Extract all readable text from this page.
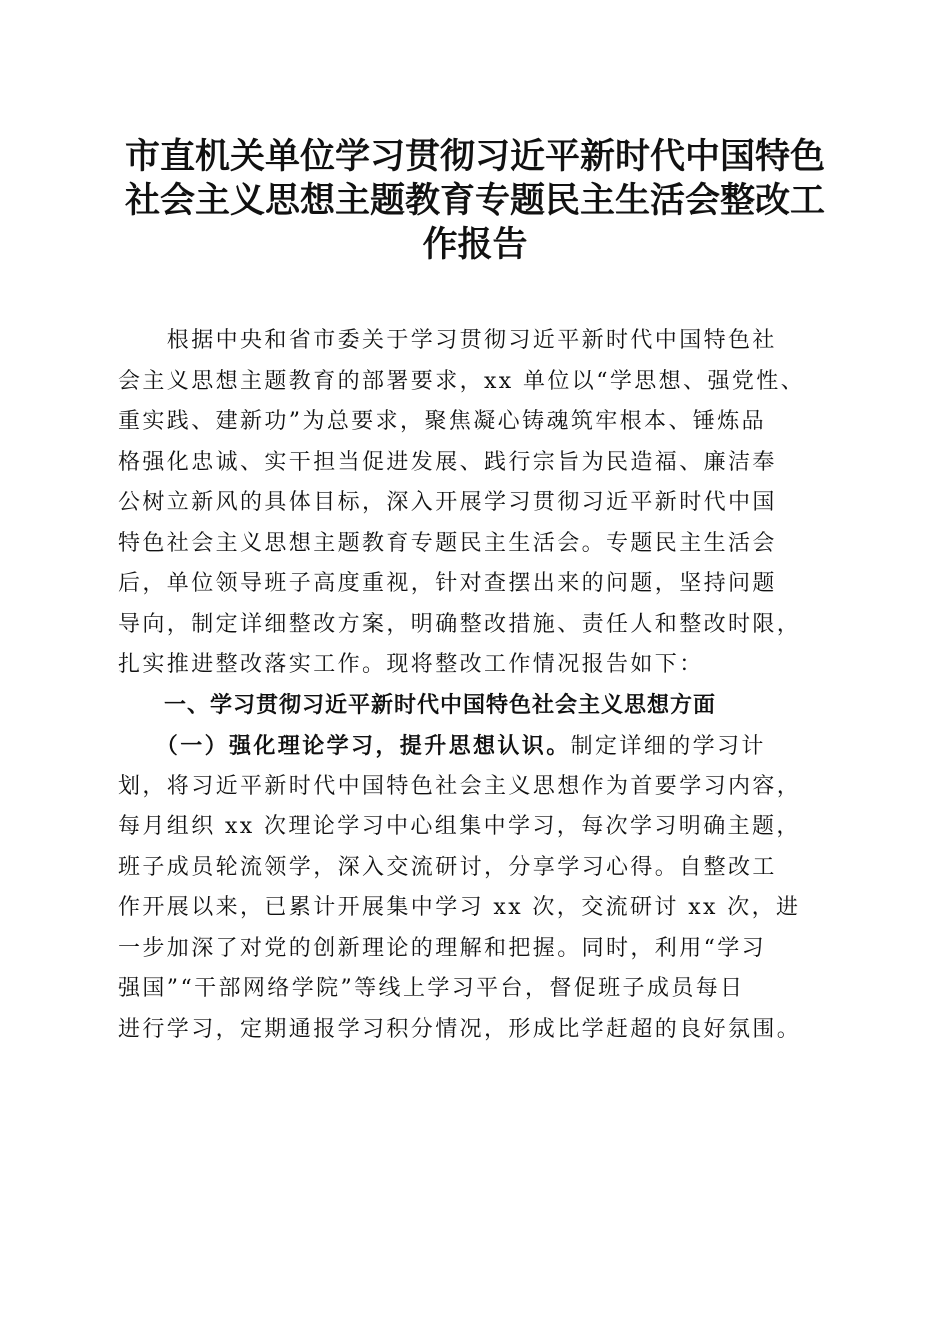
市直机关单位学习贯彻习近平新时代中国特色
社会主义思想主题教育专题民主生活会整改工
作报告
　　根据中央和省市委关于学习贯彻习近平新时代中国特色社
会主义思想主题教育的部署要求，xx 单位以“学思想、强党性、
重实践、建新功”为总要求，聚焦凝心铸魂筑牢根本、锤炼品
格强化忠诚、实干担当促进发展、践行宗旨为民造福、廉洁奉
公树立新风的具体目标，深入开展学习贯彻习近平新时代中国
特色社会主义思想主题教育专题民主生活会。专题民主生活会
后，单位领导班子高度重视，针对查摆出来的问题，坚持问题
导向，制定详细整改方案，明确整改措施、责任人和整改时限，
扎实推进整改落实工作。现将整改工作情况报告如下：
　　一、学习贯彻习近平新时代中国特色社会主义思想方面
　　（一）强化理论学习，提升思想认识。制定详细的学习计
划，将习近平新时代中国特色社会主义思想作为首要学习内容，
每月组织 xx 次理论学习中心组集中学习，每次学习明确主题，
班子成员轮流领学，深入交流研讨，分享学习心得。自整改工
作开展以来，已累计开展集中学习 xx 次，交流研讨 xx 次，进
一步加深了对党的创新理论的理解和把握。同时，利用“学习
强国”“干部网络学院”等线上学习平台，督促班子成员每日
进行学习，定期通报学习积分情况，形成比学赶超的良好氛围。
